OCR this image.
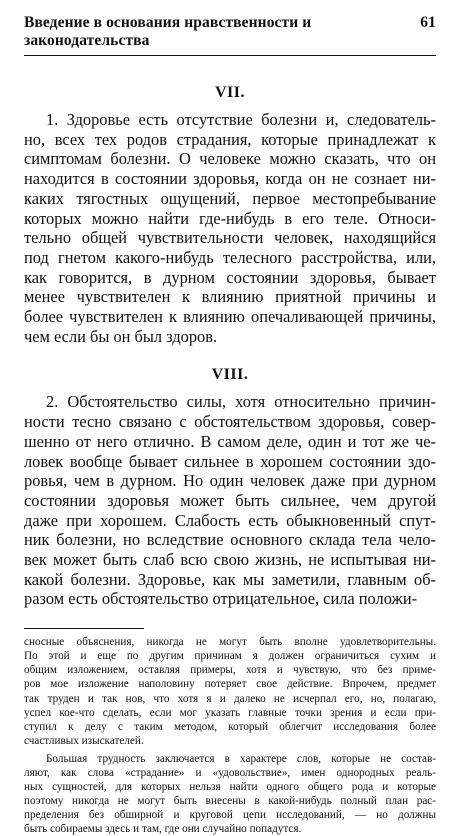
Введение в основания нравственности и законодательства
61
VII.

1. Здоровье есть отсутствие болезни и, следователь-
но, всех тех родов страдания, которые принадлежат к
симптомам болезни. О человеке можно сказать, что он
находится в состоянии здоровья, когда он не сознает ни-
каких тягостных ощущений, первое местопребывание
которых можно найти где-нибудь в его теле. Относи-
тельно общей чувствительности человек, находящийся
под гнетом какого-нибудь телесного расстройства, или,
как говорится, в дурном состоянии здоровья, бывает
менее чувствителен к влиянию приятной причины и
более чувствителен к влиянию опечаливающей причины,
чем если бы он был здоров.

VIII.

2. Обстоятельство силы, хотя относительно причин-
ности тесно связано с обстоятельством здоровья, совер-
шенно от него отлично. В самом деле, один и тот же че-
ловек вообще бывает сильнее в хорошем состоянии здо-
ровья, чем в дурном. Но один человек даже при дурном
состоянии здоровья может быть сильнее, чем другой
даже при хорошем. Слабость есть обыкновенный спут-
ник болезни, но вследствие основного склада тела чело-
век может быть слаб всю свою жизнь, не испытывая ни-
какой болезни. Здоровье, как мы заметили, главным об-
разом есть обстоятельство отрицательное, сила положи-

сносные объяснения, никогда не могут быть вполне удовлетворительны.
По этой и еще по другим причинам я должен ограничиться сухим и
общим изложением, оставляя примеры, хотя и чувствую, что без приме-
ров мое изложение наполовину потеряет свое действие. Впрочем, предмет
так труден и так нов, что хотя я и далеко не исчерпал его, но, полагаю,
успел кое-что сделать, если мог указать главные точки зрения и если при-
ступил к делу с таким методом, который облегчит исследования более
счастливых изыскателей.

Большая трудность заключается в характере слов, которые не состав-
ляют, как слова «страдание» и «удовольствие», имен однородных реаль-
ных сущностей, для которых нельзя найти одного общего рода и которые
поэтому никогда не могут быть внесены в какой-нибудь полный план рас-
пределения без обширной и круговой цепи исследований, — но должны
быть собираемы здесь и там, где они случайно попадутся.
